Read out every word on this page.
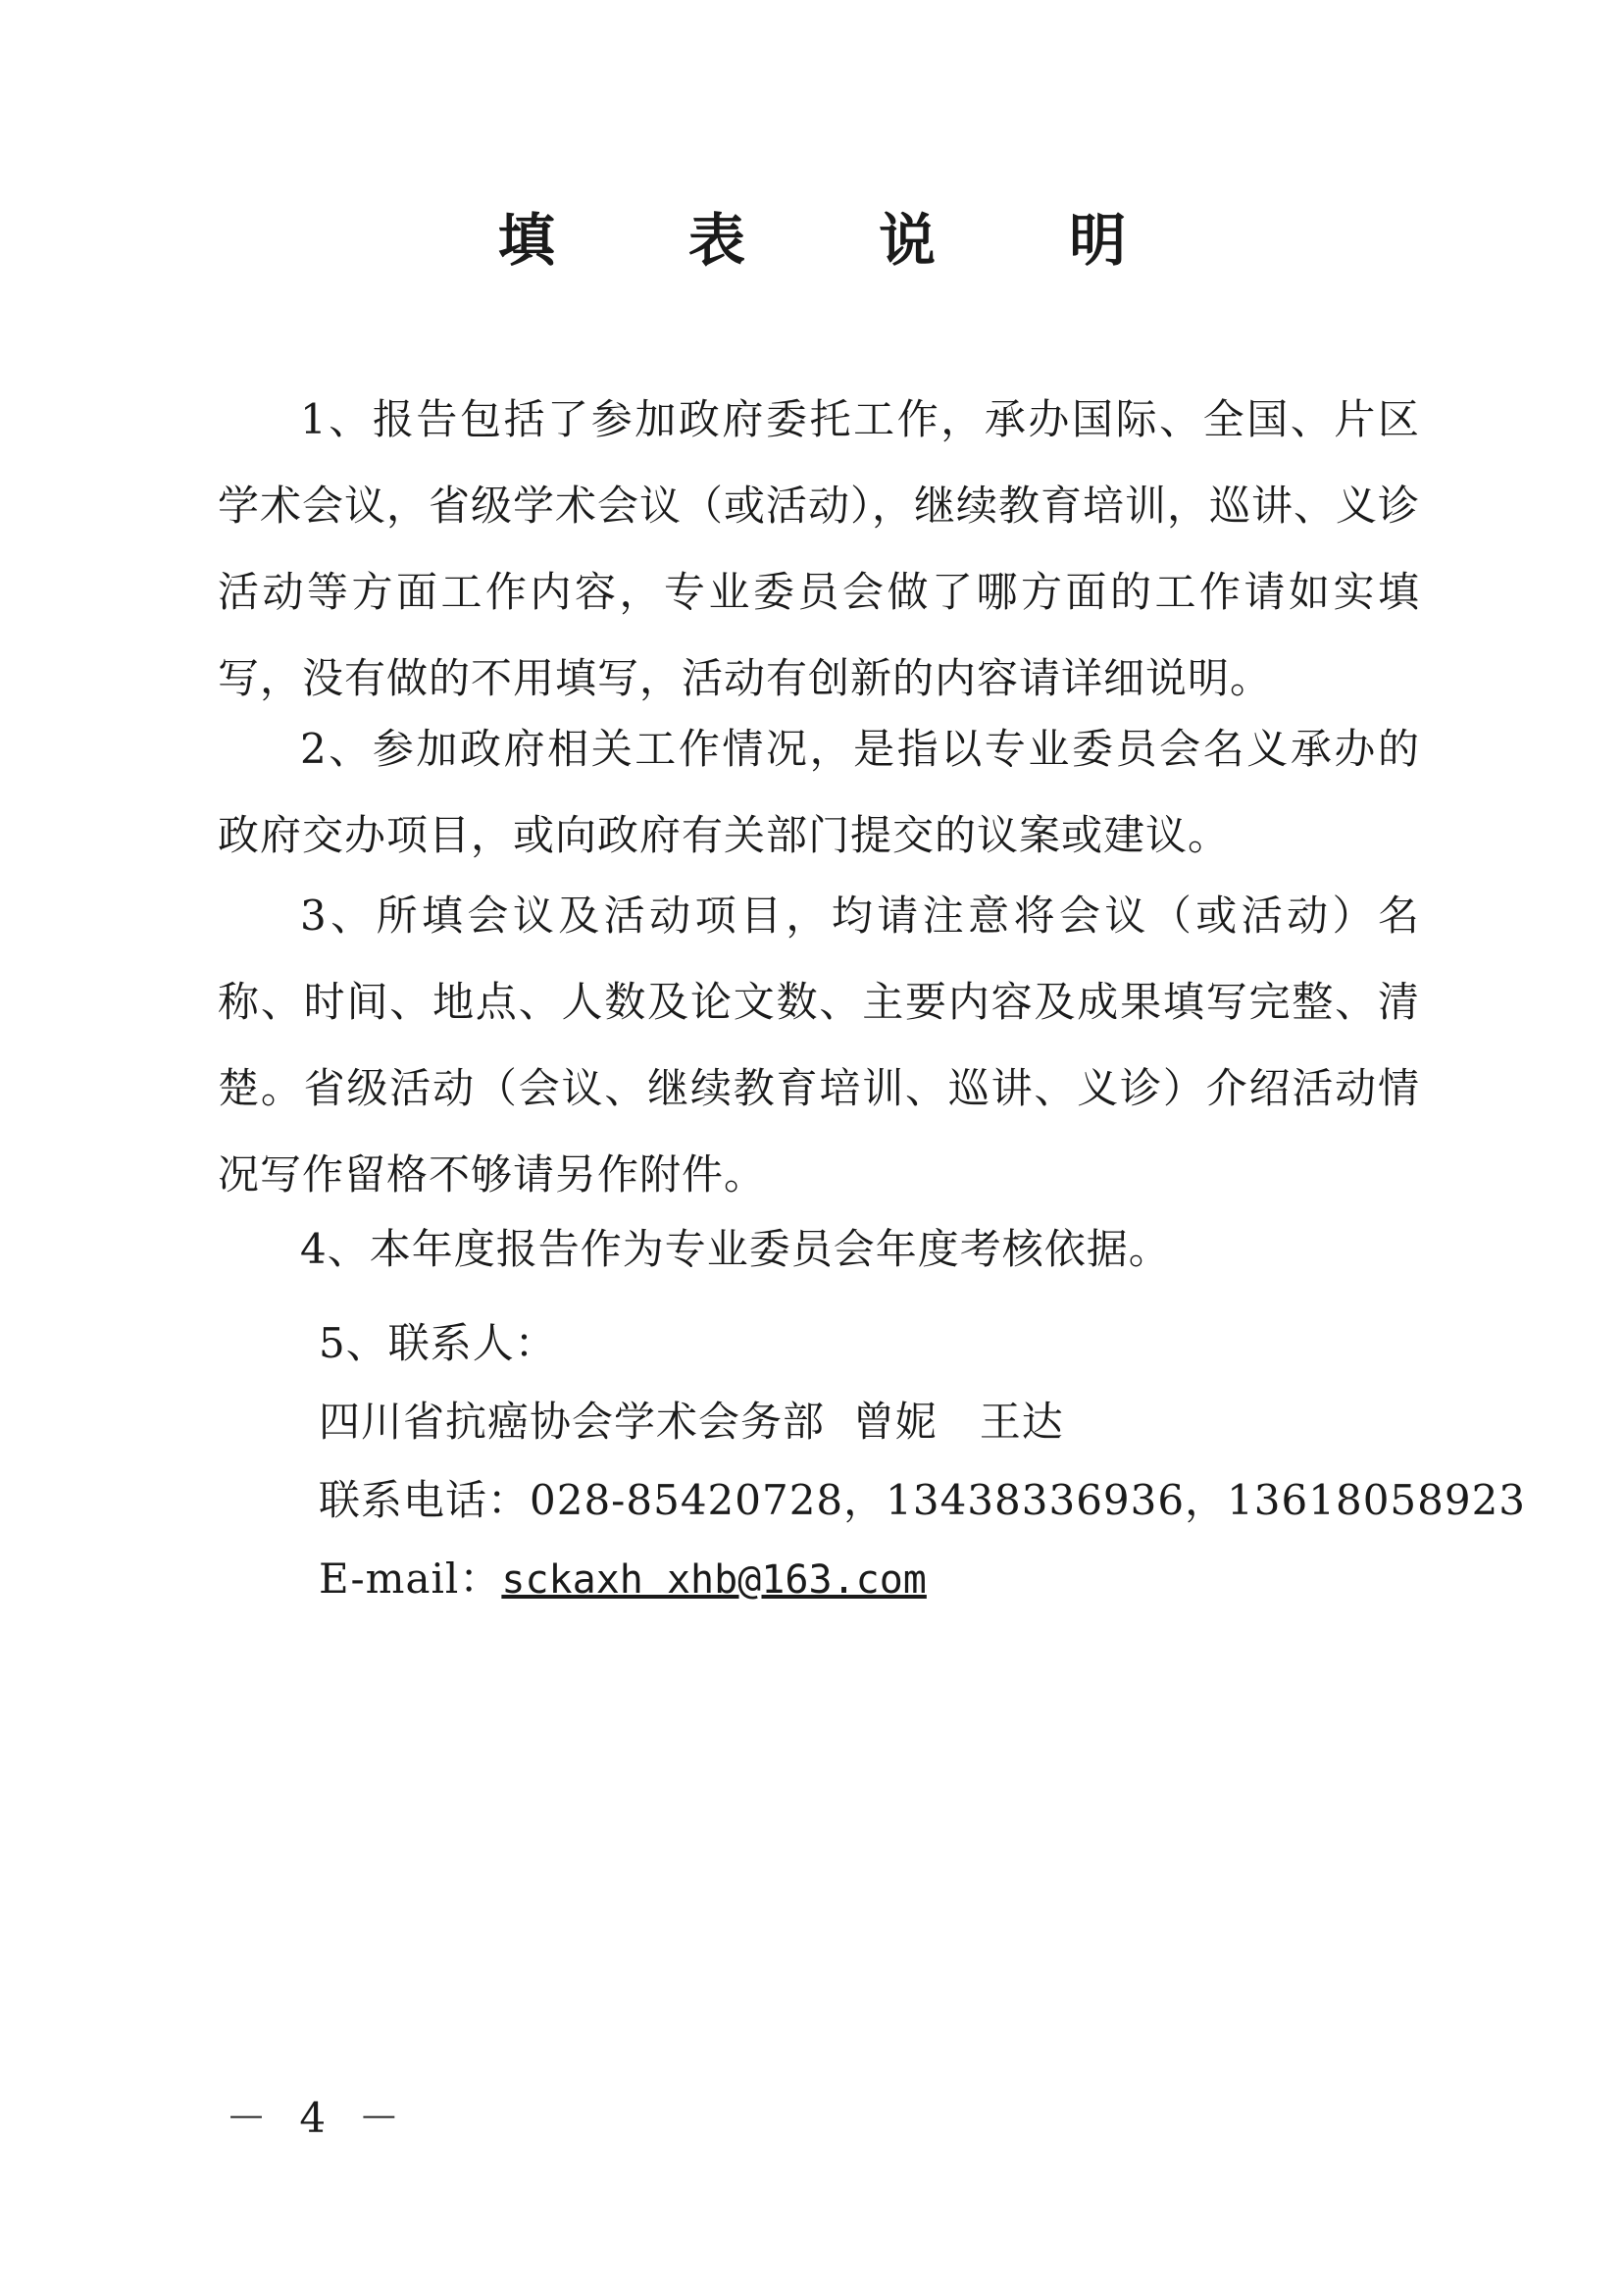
填 表 说 明

1、报告包括了参加政府委托工作，承办国际、全国、片区学术会议，省级学术会议（或活动），继续教育培训，巡讲、义诊活动等方面工作内容，专业委员会做了哪方面的工作请如实填写，没有做的不用填写，活动有创新的内容请详细说明。

2、参加政府相关工作情况，是指以专业委员会名义承办的政府交办项目，或向政府有关部门提交的议案或建议。

3、所填会议及活动项目，均请注意将会议（或活动）名称、时间、地点、人数及论文数、主要内容及成果填写完整、清楚。省级活动（会议、继续教育培训、巡讲、义诊）介绍活动情况写作留格不够请另作附件。

4、本年度报告作为专业委员会年度考核依据。

5、联系人：
四川省抗癌协会学术会务部  曾妮   王达
联系电话：028-85420728，13438336936，13618058923
E-mail：sckaxh xhb@163.com
－ 4 －
